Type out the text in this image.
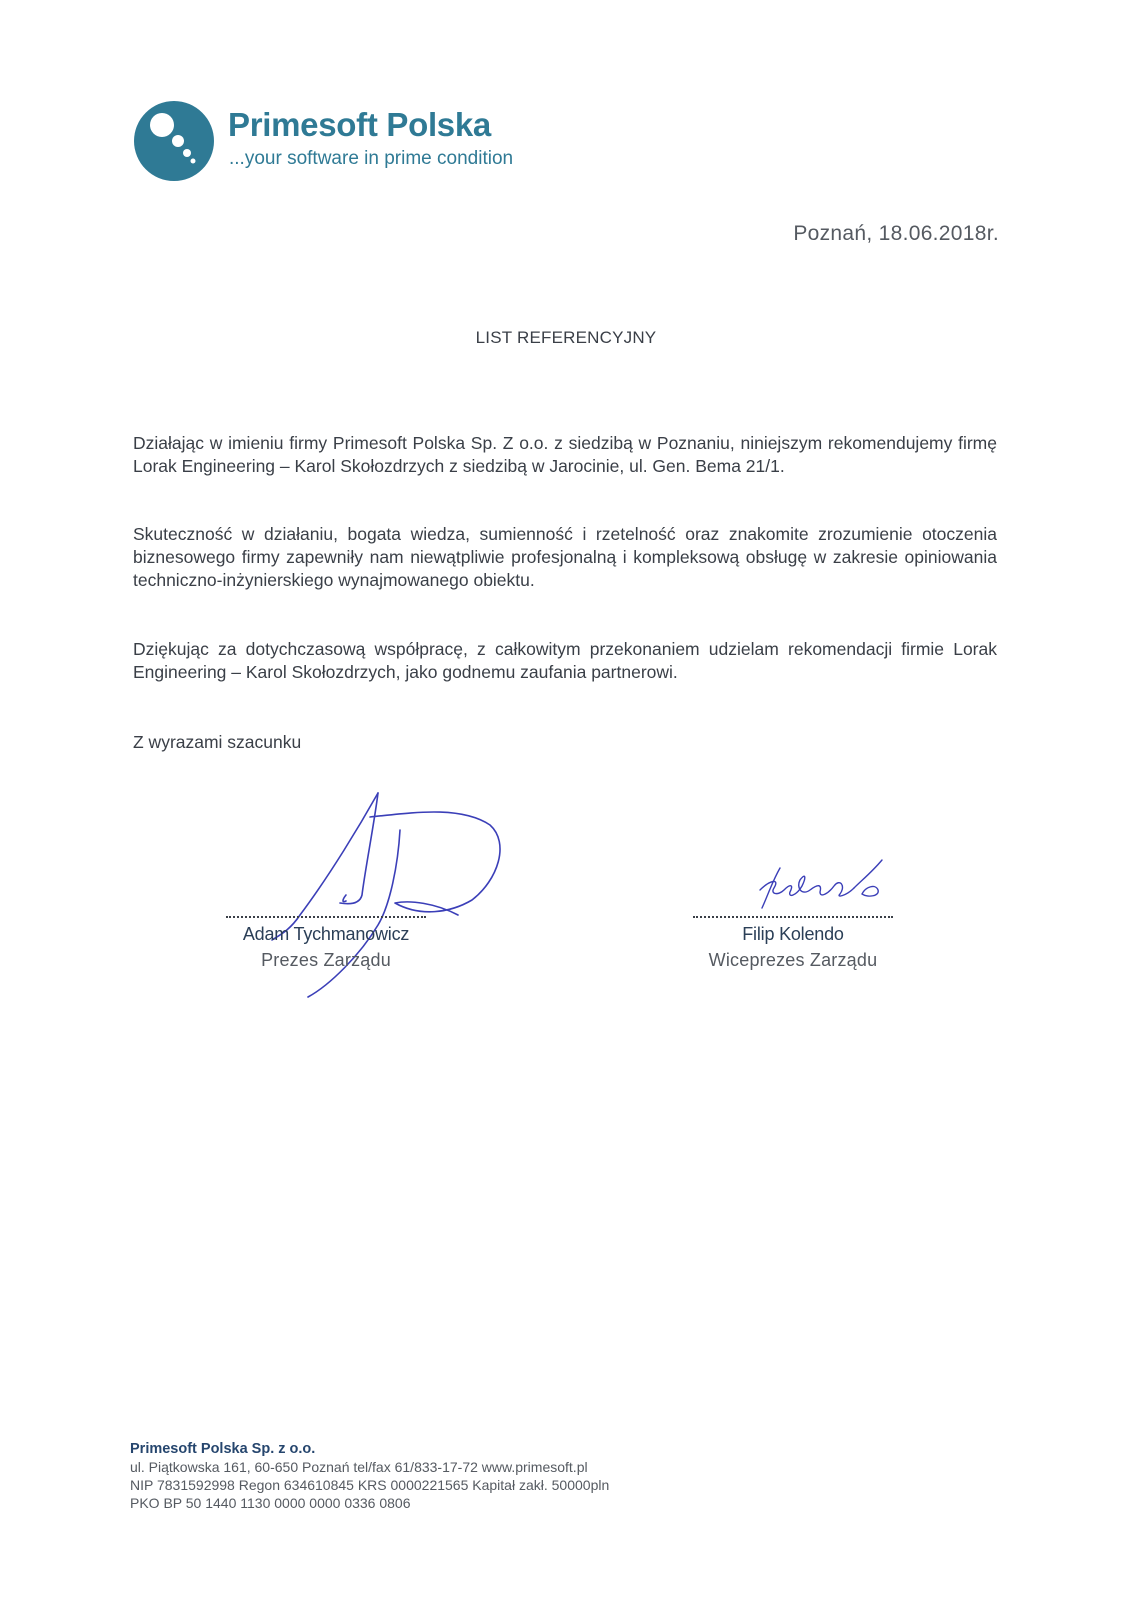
Primesoft Polska
...your software in prime condition
Poznań, 18.06.2018r.
LIST REFERENCYJNY
Działając w imieniu firmy Primesoft Polska Sp. Z o.o. z siedzibą w Poznaniu, niniejszym rekomendujemy firmę Lorak Engineering – Karol Skołozdrzych z siedzibą w Jarocinie, ul. Gen. Bema 21/1.
Skuteczność w działaniu, bogata wiedza, sumienność i rzetelność oraz znakomite zrozumienie otoczenia biznesowego firmy zapewniły nam niewątpliwie profesjonalną i kompleksową obsługę w zakresie opiniowania techniczno-inżynierskiego wynajmowanego obiektu.
Dziękując za dotychczasową współpracę, z całkowitym przekonaniem udzielam rekomendacji firmie Lorak Engineering – Karol Skołozdrzych, jako godnemu zaufania partnerowi.
Z wyrazami szacunku
Adam Tychmanowicz
Prezes Zarządu
Filip Kolendo
Wiceprezes Zarządu
Primesoft Polska Sp. z o.o.
ul. Piątkowska 161, 60-650 Poznań tel/fax 61/833-17-72 www.primesoft.pl
NIP 7831592998 Regon 634610845 KRS 0000221565 Kapitał zakł. 50000pln
PKO BP 50 1440 1130 0000 0000 0336 0806
